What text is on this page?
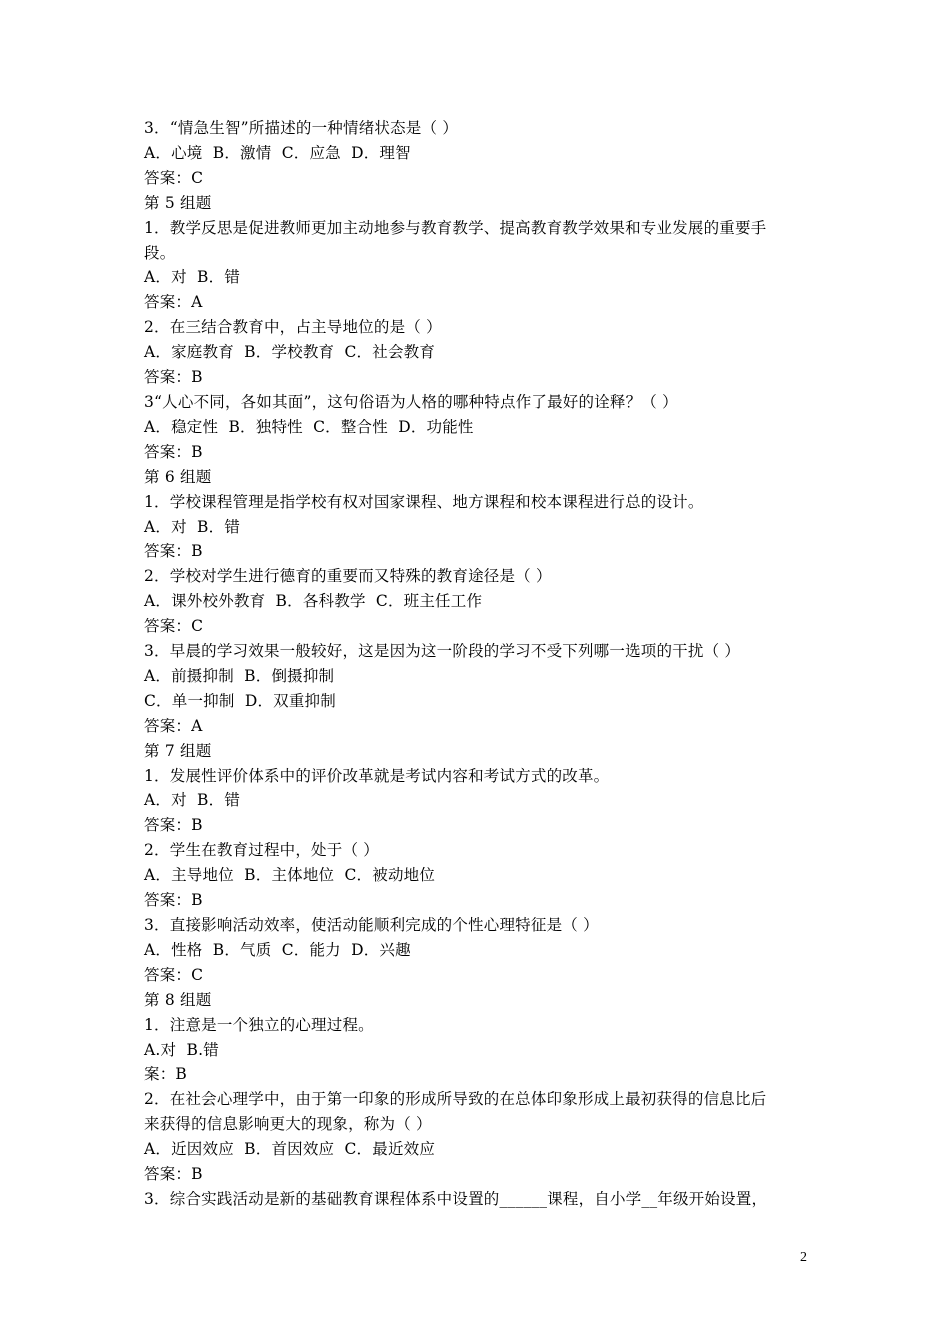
3．“情急生智”所描述的一种情绪状态是（ ）
A．心境  B．激情  C．应急  D．理智
答案：C
第 5 组题
1．教学反思是促进教师更加主动地参与教育教学、提高教育教学效果和专业发展的重要手
段。
A．对  B．错
答案：A
2．在三结合教育中，占主导地位的是（ ）
A．家庭教育  B．学校教育  C．社会教育
答案：B
3“人心不同，各如其面”，这句俗语为人格的哪种特点作了最好的诠释？（ ）
A．稳定性  B．独特性  C．整合性  D．功能性
答案：B
第 6 组题
1．学校课程管理是指学校有权对国家课程、地方课程和校本课程进行总的设计。
A．对  B．错
答案：B
2．学校对学生进行德育的重要而又特殊的教育途径是（ ）
A．课外校外教育  B．各科教学  C．班主任工作
答案：C
3．早晨的学习效果一般较好，这是因为这一阶段的学习不受下列哪一选项的干扰（ ）
A．前摄抑制  B．倒摄抑制
C．单一抑制  D．双重抑制
答案：A
第 7 组题
1．发展性评价体系中的评价改革就是考试内容和考试方式的改革。
A．对  B．错
答案：B
2．学生在教育过程中，处于（ ）
A．主导地位  B．主体地位  C．被动地位
答案：B
3．直接影响活动效率，使活动能顺利完成的个性心理特征是（ ）
A．性格  B．气质  C．能力  D．兴趣
答案：C
第 8 组题
1．注意是一个独立的心理过程。
A.对  B.错
案：B
2．在社会心理学中，由于第一印象的形成所导致的在总体印象形成上最初获得的信息比后
来获得的信息影响更大的现象，称为（ ）
A．近因效应  B．首因效应  C．最近效应
答案：B
3．综合实践活动是新的基础教育课程体系中设置的______课程，自小学__年级开始设置，
2
